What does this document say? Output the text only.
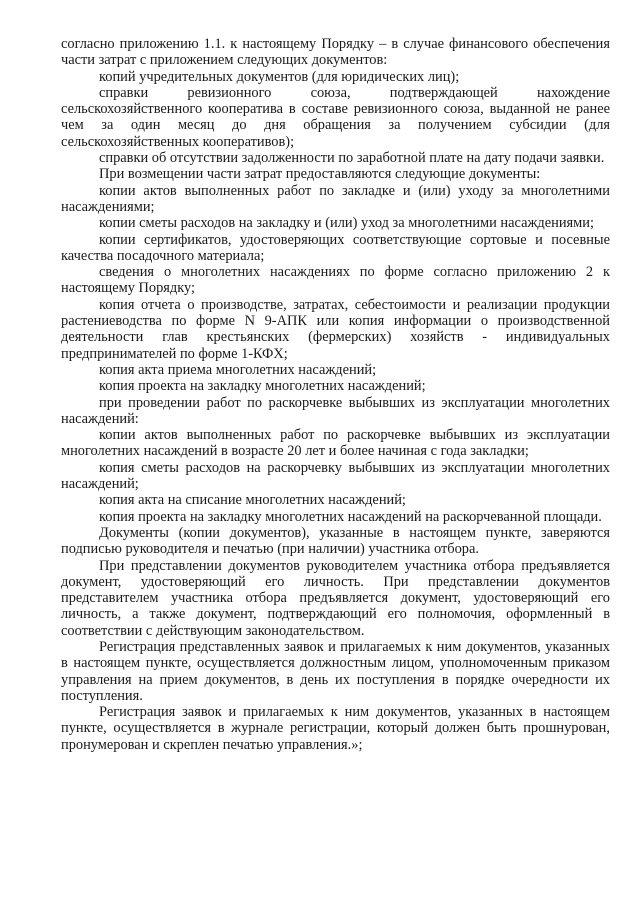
согласно приложению 1.1. к настоящему Порядку – в случае финансового обеспечения части затрат с приложением следующих документов:

копий учредительных документов (для юридических лиц);

справки ревизионного союза, подтверждающей нахождение сельскохозяйственного кооператива в составе ревизионного союза, выданной не ранее чем за один месяц до дня обращения за получением субсидии (для сельскохозяйственных кооперативов);

справки об отсутствии задолженности по заработной плате на дату подачи заявки.

При возмещении части затрат предоставляются следующие документы:

копии актов выполненных работ по закладке и (или) уходу за многолетними насаждениями;

копии сметы расходов на закладку и (или) уход за многолетними насаждениями;

копии сертификатов, удостоверяющих соответствующие сортовые и посевные качества посадочного материала;

сведения о многолетних насаждениях по форме согласно приложению 2 к настоящему Порядку;

копия отчета о производстве, затратах, себестоимости и реализации продукции растениеводства по форме N 9-АПК или копия информации о производственной деятельности глав крестьянских (фермерских) хозяйств - индивидуальных предпринимателей по форме 1-КФХ;

копия акта приема многолетних насаждений;

копия проекта на закладку многолетних насаждений;

при проведении работ по раскорчевке выбывших из эксплуатации многолетних насаждений:

копии актов выполненных работ по раскорчевке выбывших из эксплуатации многолетних насаждений в возрасте 20 лет и более начиная с года закладки;

копия сметы расходов на раскорчевку выбывших из эксплуатации многолетних насаждений;

копия акта на списание многолетних насаждений;

копия проекта на закладку многолетних насаждений на раскорчеванной площади.

Документы (копии документов), указанные в настоящем пункте, заверяются подписью руководителя и печатью (при наличии) участника отбора.

При представлении документов руководителем участника отбора предъявляется документ, удостоверяющий его личность. При представлении документов представителем участника отбора предъявляется документ, удостоверяющий его личность, а также документ, подтверждающий его полномочия, оформленный в соответствии с действующим законодательством.

Регистрация представленных заявок и прилагаемых к ним документов, указанных в настоящем пункте, осуществляется должностным лицом, уполномоченным приказом управления на прием документов, в день их поступления в порядке очередности их поступления.

Регистрация заявок и прилагаемых к ним документов, указанных в настоящем пункте, осуществляется в журнале регистрации, который должен быть прошнурован, пронумерован и скреплен печатью управления.»;
